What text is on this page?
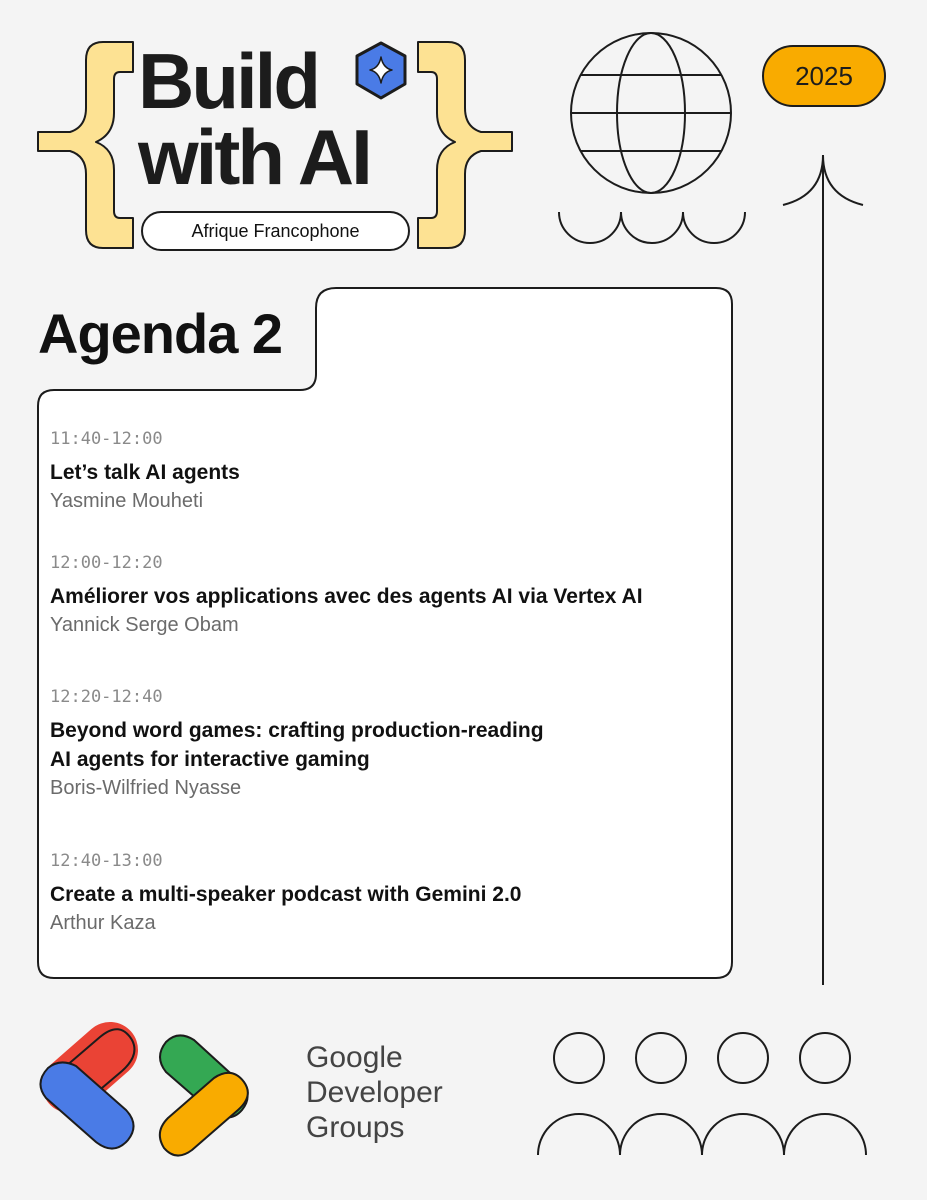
Build
with AI
Afrique Francophone
2025
Agenda 2
11:40-12:00
Let’s talk AI agents
Yasmine Mouheti
12:00-12:20
Améliorer vos applications avec des agents AI via Vertex AI
Yannick Serge Obam
12:20-12:40
Beyond word games: crafting production-reading
AI agents for interactive gaming
Boris-Wilfried Nyasse
12:40-13:00
Create a multi-speaker podcast with Gemini 2.0
Arthur Kaza
Google
Developer
Groups
